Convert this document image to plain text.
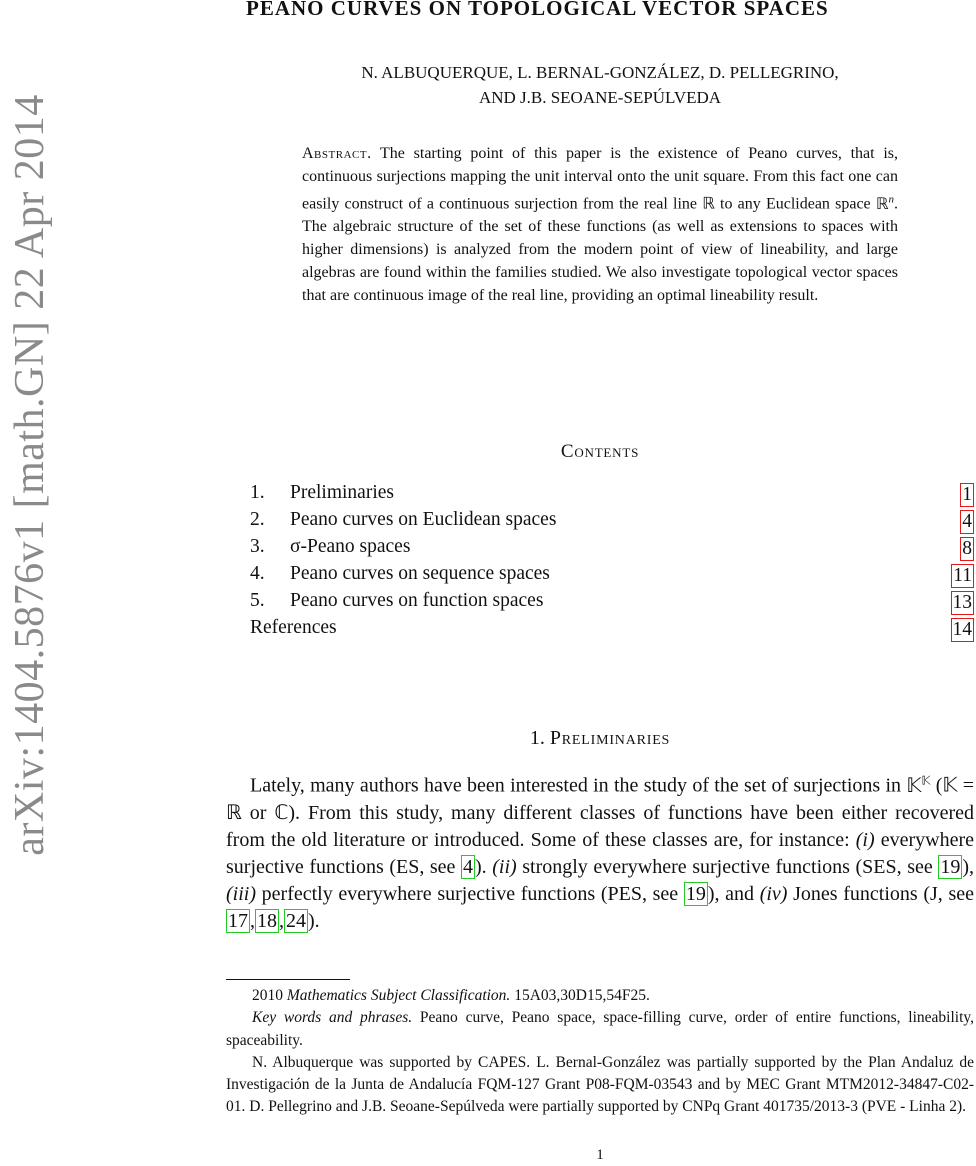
arXiv:1404.5876v1 [math.GN] 22 Apr 2014
PEANO CURVES ON TOPOLOGICAL VECTOR SPACES
N. ALBUQUERQUE, L. BERNAL-GONZÁLEZ, D. PELLEGRINO,
AND J.B. SEOANE-SEPÚLVEDA
Abstract. The starting point of this paper is the existence of Peano curves, that is, continuous surjections mapping the unit interval onto the unit square. From this fact one can easily construct of a continuous surjection from the real line ℝ to any Euclidean space ℝ$^n$. The algebraic structure of the set of these functions (as well as extensions to spaces with higher dimensions) is analyzed from the modern point of view of lineability, and large algebras are found within the families studied. We also investigate topological vector spaces that are continuous image of the real line, providing an optimal lineability result.
Contents
1. Preliminaries	1
2. Peano curves on Euclidean spaces	4
3. σ-Peano spaces	8
4. Peano curves on sequence spaces	11
5. Peano curves on function spaces	13
References	14
1. Preliminaries
Lately, many authors have been interested in the study of the set of surjections in 𝕂$^𝕂$ (𝕂 = ℝ or ℂ). From this study, many different classes of functions have been either recovered from the old literature or introduced. Some of these classes are, for instance: (i) everywhere surjective functions (ES, see 4 ). (ii) strongly everywhere surjective functions (SES, see 19 ), (iii) perfectly everywhere surjective functions (PES, see 19 ), and (iv) Jones functions (J, see 17 , 18 , 24 ).

2010 Mathematics Subject Classification. 15A03,30D15,54F25.

Key words and phrases. Peano curve, Peano space, space-filling curve, order of entire functions, lineability, spaceability.

N. Albuquerque was supported by CAPES. L. Bernal-González was partially supported by the Plan Andaluz de Investigación de la Junta de Andalucía FQM-127 Grant P08-FQM-03543 and by MEC Grant MTM2012-34847-C02-01. D. Pellegrino and J.B. Seoane-Sepúlveda were partially supported by CNPq Grant 401735/2013-3 (PVE - Linha 2).

1
